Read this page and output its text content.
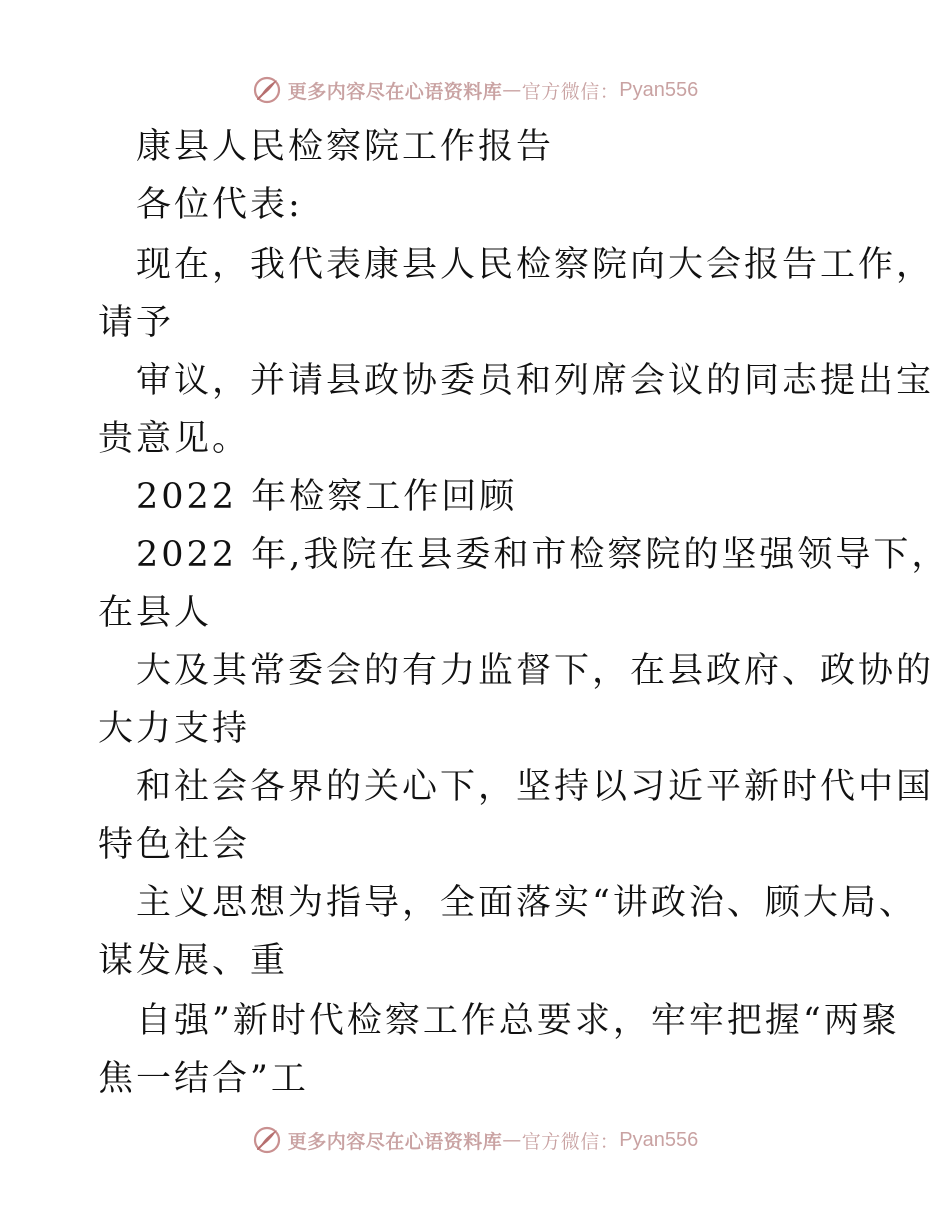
更多内容尽在心语资料库 — 官方微信： Pyan556
康县人民检察院工作报告
各位代表:
现在，我代表康县人民检察院向大会报告工作，
请予
审议，并请县政协委员和列席会议的同志提出宝
贵意见。
2022 年检察工作回顾
2022 年,我院在县委和市检察院的坚强领导下，
在县人
大及其常委会的有力监督下，在县政府、政协的
大力支持
和社会各界的关心下，坚持以习近平新时代中国
特色社会
主义思想为指导，全面落实“讲政治、顾大局、
谋发展、重
自强”新时代检察工作总要求，牢牢把握“两聚
焦一结合”工
更多内容尽在心语资料库 — 官方微信： Pyan556
